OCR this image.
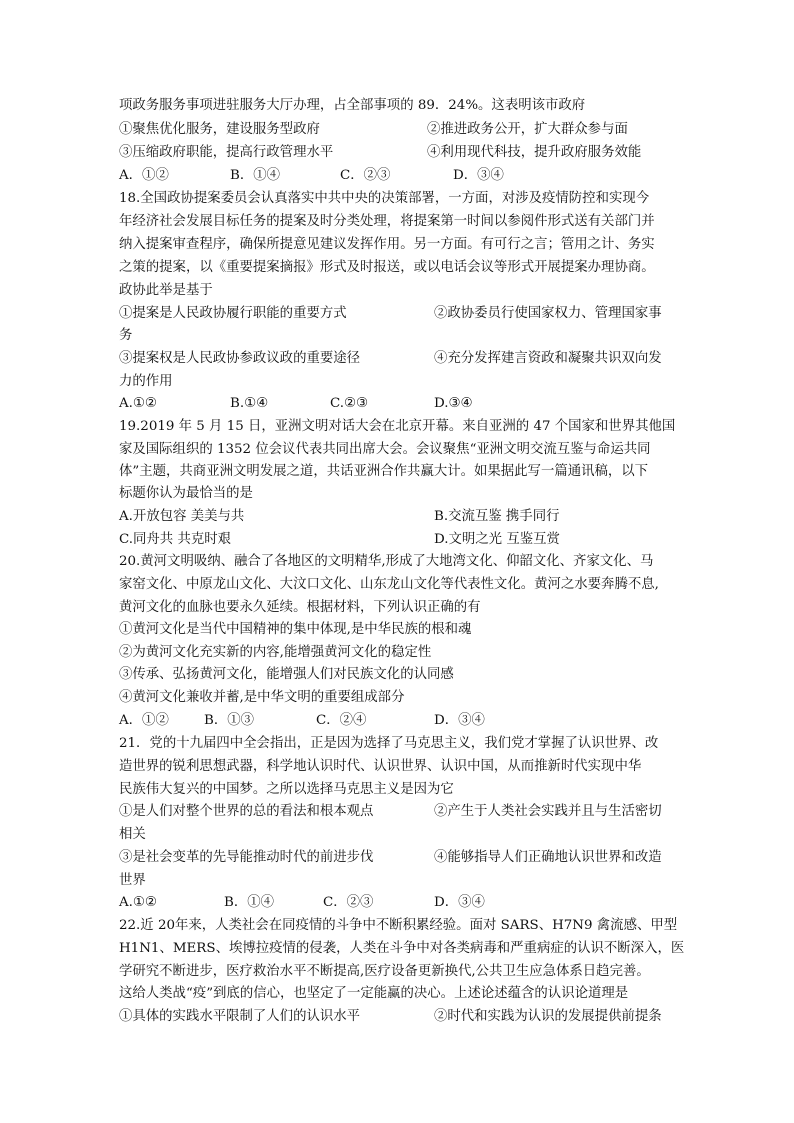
项政务服务事项进驻服务大厅办理，占全部事项的 89．24%。这表明该市政府
①聚焦优化服务，建设服务型政府	②推进政务公开，扩大群众参与面
③压缩政府职能，提高行政管理水平	④利用现代科技，提升政府服务效能
A．①②	B．①④	C．②③	D．③④
18.全国政协提案委员会认真落实中共中央的决策部署，一方面，对涉及疫情防控和实现今
年经济社会发展目标任务的提案及时分类处理，将提案第一时间以参阅件形式送有关部门并
纳入提案审查程序，确保所提意见建议发挥作用。另一方面。有可行之言；管用之计、务实
之策的提案，以《重要提案摘报》形式及时报送，或以电话会议等形式开展提案办理协商。
政协此举是基于
①提案是人民政协履行职能的重要方式	②政协委员行使国家权力、管理国家事
务
③提案权是人民政协参政议政的重要途径	④充分发挥建言资政和凝聚共识双向发
力的作用
A.①②	B.①④	C.②③	D.③④
19.2019 年 5 月 15 日，亚洲文明对话大会在北京开幕。来自亚洲的 47 个国家和世界其他国
家及国际组织的 1352 位会议代表共同出席大会。会议聚焦“亚洲文明交流互鉴与命运共同
体”主题，共商亚洲文明发展之道，共话亚洲合作共赢大计。如果据此写一篇通讯稿，以下
标题你认为最恰当的是
A.开放包容 美美与共	B.交流互鉴 携手同行
C.同舟共 共克时艰	D.文明之光 互鉴互赏
20.黄河文明吸纳、融合了各地区的文明精华,形成了大地湾文化、仰韶文化、齐家文化、马
家窑文化、中原龙山文化、大汶口文化、山东龙山文化等代表性文化。黄河之水要奔腾不息,
黄河文化的血脉也要永久延续。根据材料，下列认识正确的有
①黄河文化是当代中国精神的集中体现,是中华民族的根和魂
②为黄河文化充实新的内容,能增强黄河文化的稳定性
③传承、弘扬黄河文化，能增强人们对民族文化的认同感
④黄河文化兼收并蓄,是中华文明的重要组成部分
A．①②	B．①③	C．②④	D．③④
21．党的十九届四中全会指出，正是因为选择了马克思主义，我们党才掌握了认识世界、改
造世界的锐利思想武器，科学地认识时代、认识世界、认识中国，从而推新时代实现中华
民族伟大复兴的中国梦。之所以选择马克思主义是因为它
①是人们对整个世界的总的看法和根本观点	②产生于人类社会实践并且与生活密切
相关
③是社会变革的先导能推动时代的前进步伐	④能够指导人们正确地认识世界和改造
世界
A.①②	B．①④	C．②③	D．③④
22.近 20年来，人类社会在同疫情的斗争中不断积累经验。面对 SARS、H7N9 禽流感、甲型
H1N1、MERS、埃博拉疫情的侵袭，人类在斗争中对各类病毒和严重病症的认识不断深入，医
学研究不断进步，医疗救治水平不断提高,医疗设备更新换代,公共卫生应急体系日趋完善。
这给人类战“疫”到底的信心，也坚定了一定能赢的决心。上述论述蕴含的认识论道理是
①具体的实践水平限制了人们的认识水平	②时代和实践为认识的发展提供前提条
